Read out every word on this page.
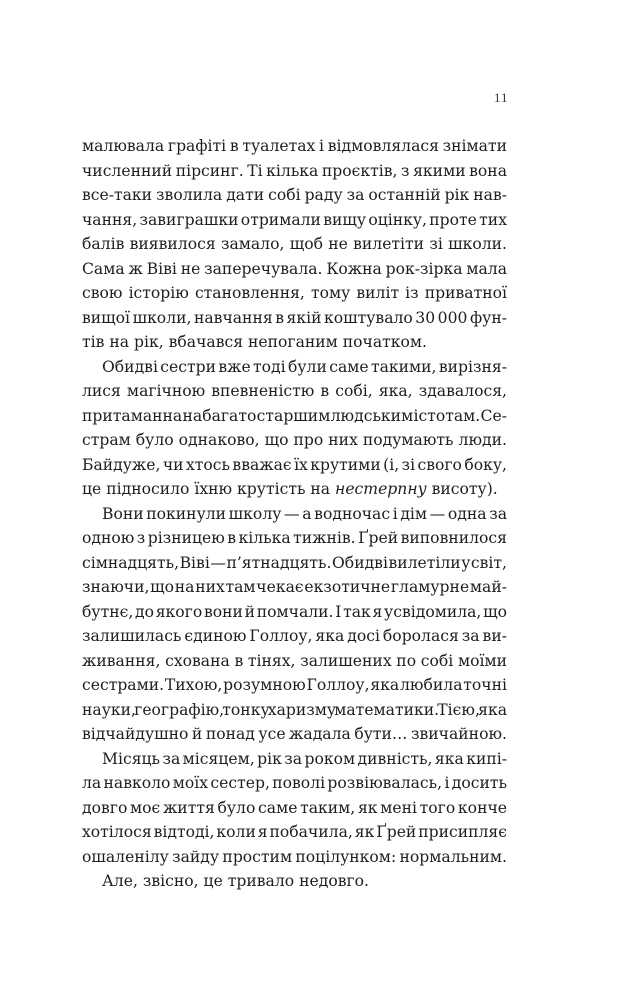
11
малювала графіті в туалетах і відмовлялася знімати
численний пірсинг. Ті кілька проєктів, з якими вона
все-таки зволила дати собі раду за останній рік нав-
чання, завиграшки отримали вищу оцінку, проте тих
балів виявилося замало, щоб не вилетіти зі школи.
Сама ж Віві не заперечувала. Кожна рок-зірка мала
свою історію становлення, тому виліт із приватної
вищої школи, навчання в якій коштувало 30 000 фун-
тів на рік, вбачався непоганим початком.
Обидві сестри вже тоді були саме такими, вирізня-
лися магічною впевненістю в собі, яка, здавалося,
притаманна набагато старшим людським істотам. Се-
страм було однаково, що про них подумають люди.
Байдуже, чи хтось вважає їх крутими (і, зі свого боку,
це підносило їхню крутість на нестерпну висоту).
Вони покинули школу — а водночас і дім — одна за
одною з різницею в кілька тижнів. Ґрей виповнилося
сімнадцять, Віві — п’ятнадцять. Обидві вилетіли у світ,
знаючи, що на них там чекає екзотичне гламурне май-
бутнє, до якого вони й помчали. І так я усвідомила, що
залишилась єдиною Голлоу, яка досі боролася за ви-
живання, схована в тінях, залишених по собі моїми
сестрами. Тихою, розумною Голлоу, яка любила точні
науки, географію, тонку харизму математики. Тією, яка
відчайдушно й понад усе жадала бути… звичайною.
Місяць за місяцем, рік за роком дивність, яка кипі-
ла навколо моїх сестер, поволі розвіювалась, і досить
довго моє життя було саме таким, як мені того конче
хотілося відтоді, коли я побачила, як Ґрей присипляє
ошаленілу зайду простим поцілунком: нормальним.
Але, звісно, це тривало недовго.
